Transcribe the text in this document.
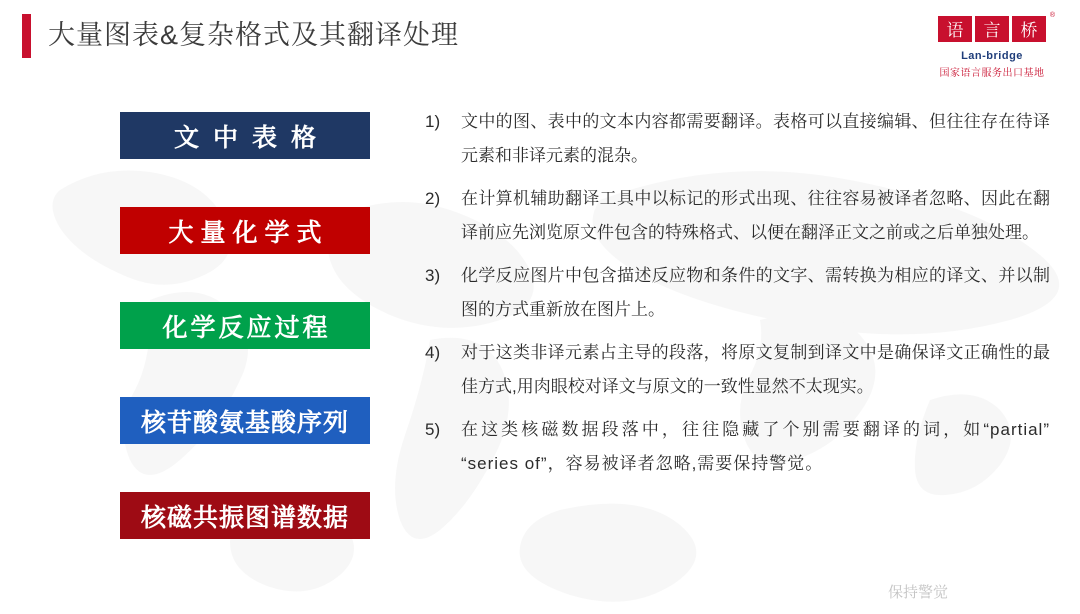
大量图表&复杂格式及其翻译处理	语 言 桥
®
Lan-bridge
国家语言服务出口基地
文中表格
大量化学式
化学反应过程
核苷酸氨基酸序列
核磁共振图谱数据
1)	文中的图、表中的文本内容都需要翻译。表格可以直接编辑、但往往存在待译元素和非译元素的混杂。
2)	在计算机辅助翻译工具中以标记的形式出现、往往容易被译者忽略、因此在翻译前应先浏览原文件包含的特殊格式、以便在翻泽正文之前或之后单独处理。
3)	化学反应图片中包含描述反应物和条件的文字、需转换为相应的译文、并以制图的方式重新放在图片上。
4)	对于这类非译元素占主导的段落，将原文复制到译文中是确保译文正确性的最佳方式,用肉眼校对译文与原文的一致性显然不太现实。
5)	在这类核磁数据段落中，往往隐藏了个别需要翻译的词，如“partial” “series of”，容易被译者忽略,需要保持警觉。
保持警觉
